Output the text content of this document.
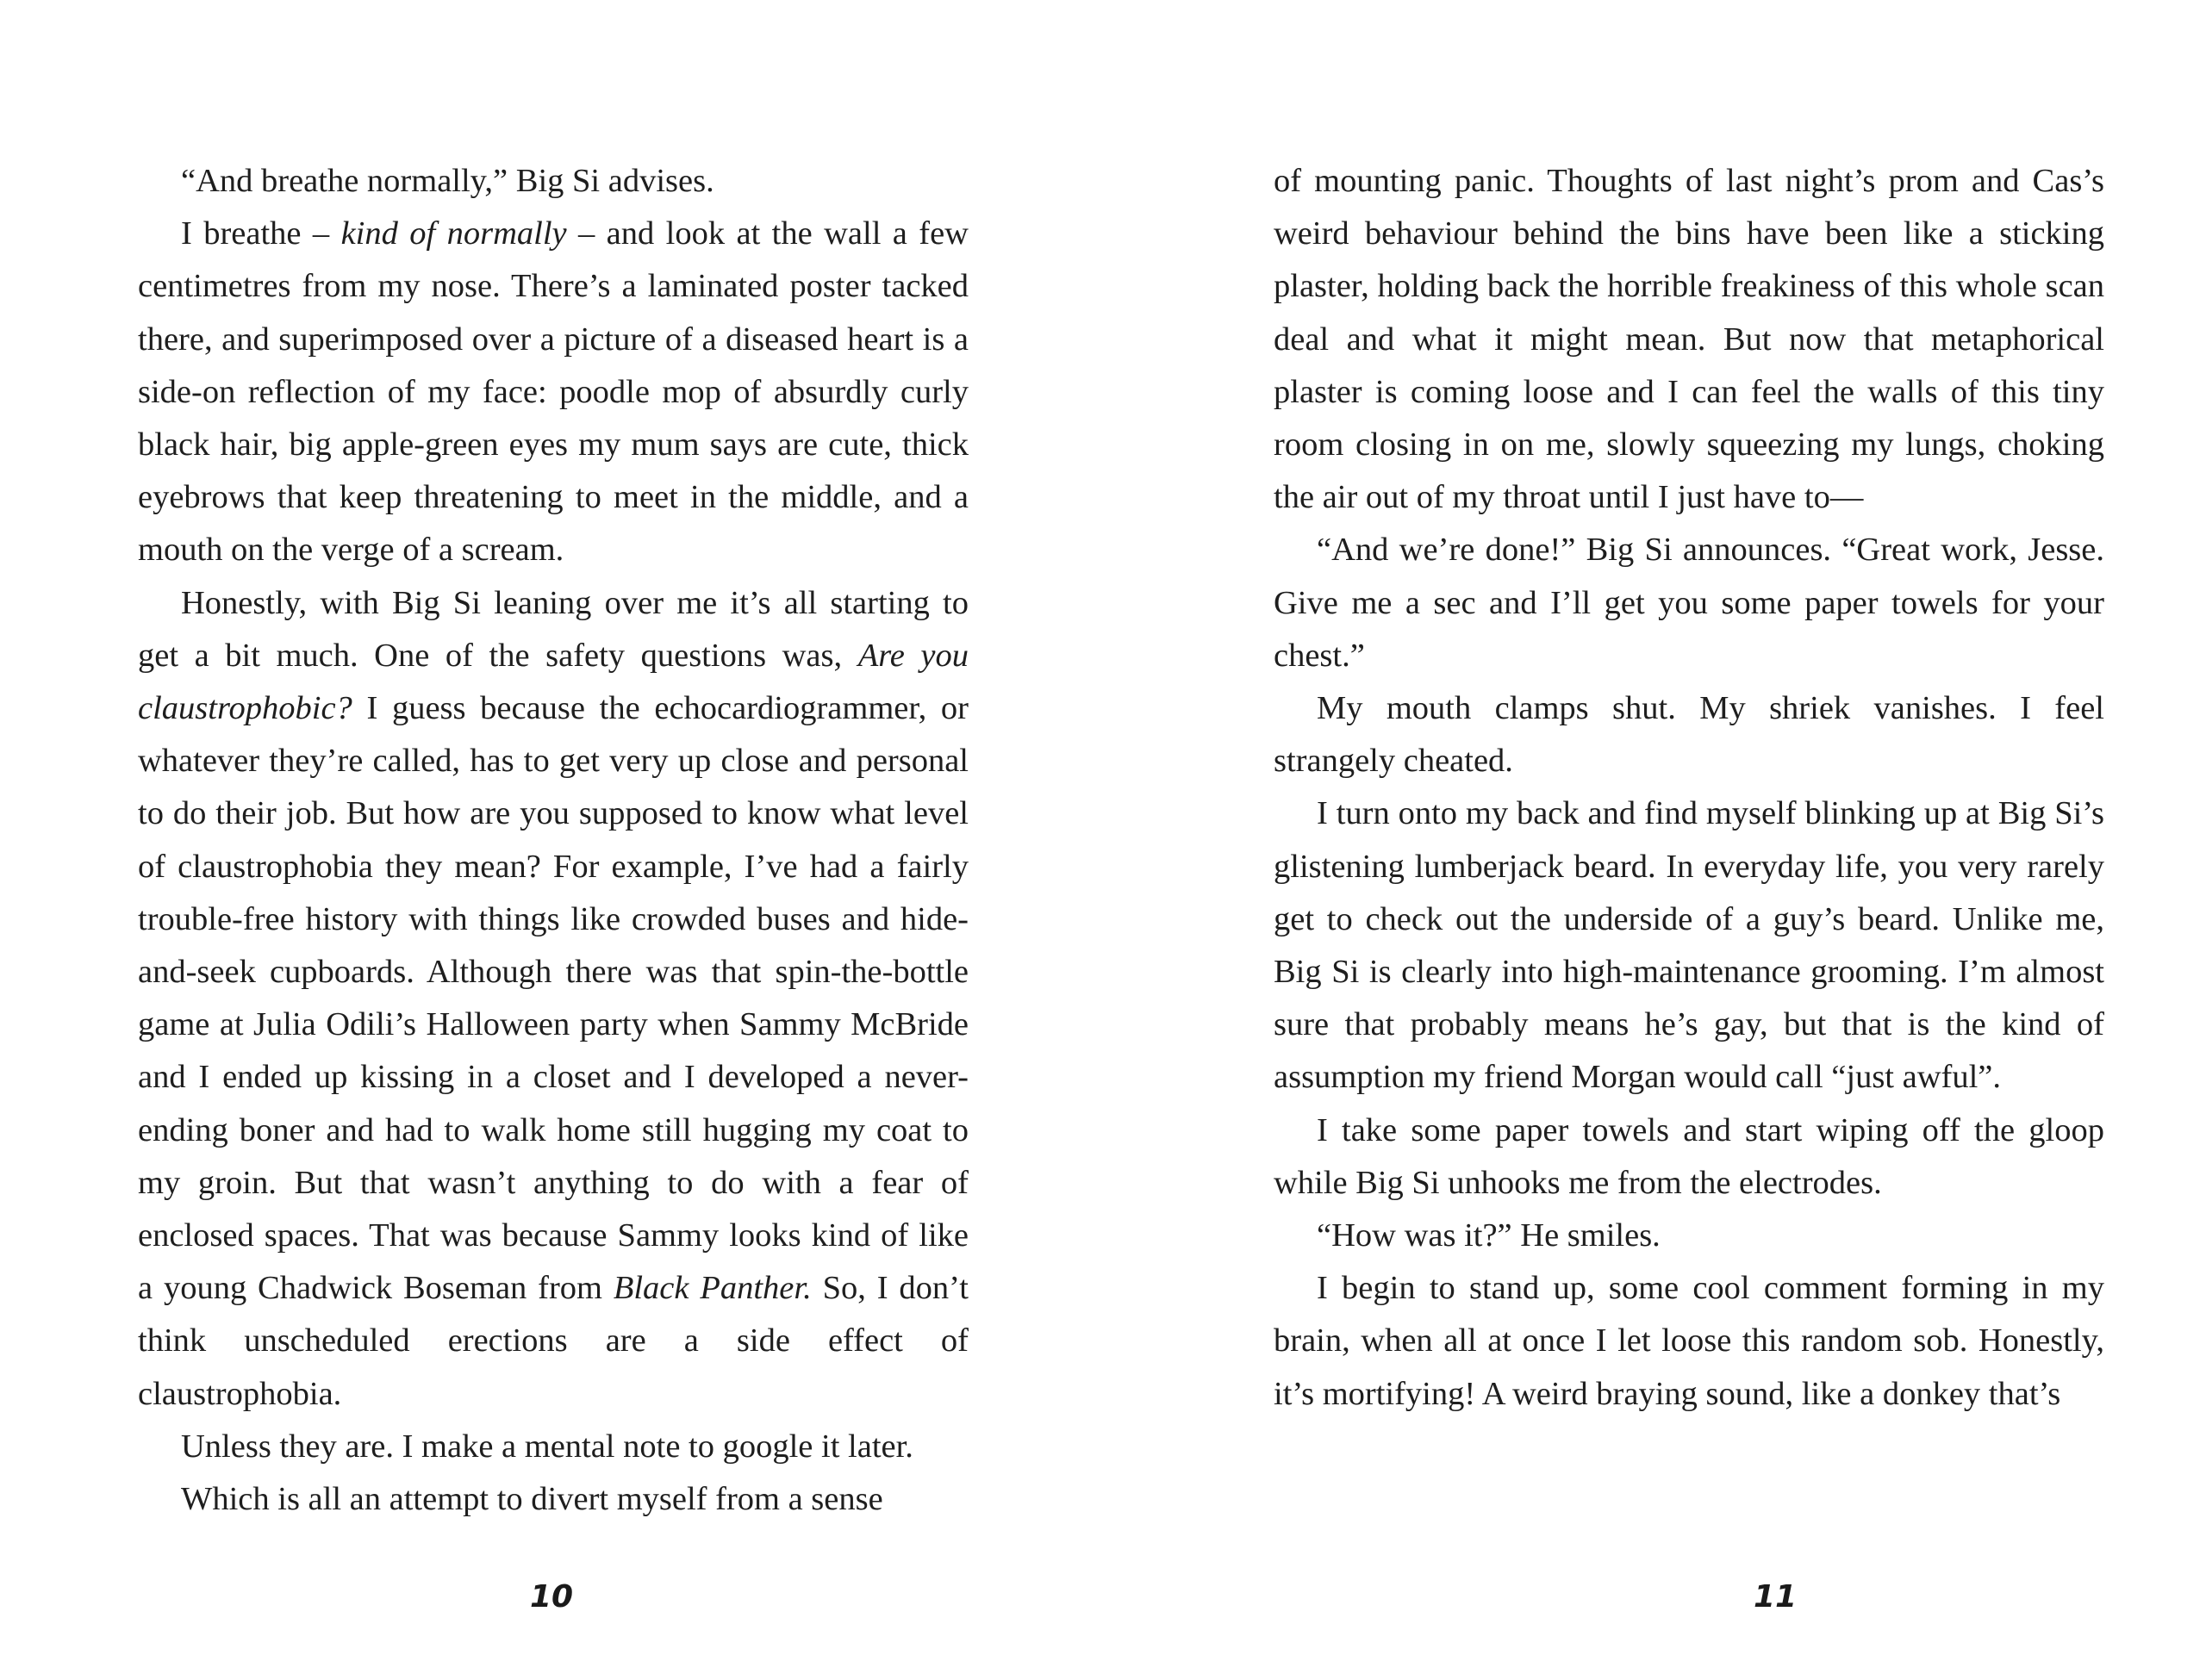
“And breathe normally,” Big Si advises.

I breathe – kind of normally – and look at the wall a few centimetres from my nose. There’s a laminated poster tacked there, and superimposed over a picture of a diseased heart is a side-on reflection of my face: poodle mop of absurdly curly black hair, big apple-green eyes my mum says are cute, thick eyebrows that keep threatening to meet in the middle, and a mouth on the verge of a scream.

Honestly, with Big Si leaning over me it’s all starting to get a bit much. One of the safety questions was, Are you claustrophobic? I guess because the echocardiogrammer, or whatever they’re called, has to get very up close and personal to do their job. But how are you supposed to know what level of claustrophobia they mean? For example, I’ve had a fairly trouble-free history with things like crowded buses and hide-and-seek cupboards. Although there was that spin-the-bottle game at Julia Odili’s Halloween party when Sammy McBride and I ended up kissing in a closet and I developed a never-ending boner and had to walk home still hugging my coat to my groin. But that wasn’t anything to do with a fear of enclosed spaces. That was because Sammy looks kind of like a young Chadwick Boseman from Black Panther. So, I don’t think unscheduled erections are a side effect of claustrophobia.

Unless they are. I make a mental note to google it later.

Which is all an attempt to divert myself from a sense

10

of mounting panic. Thoughts of last night’s prom and Cas’s weird behaviour behind the bins have been like a sticking plaster, holding back the horrible freakiness of this whole scan deal and what it might mean. But now that metaphorical plaster is coming loose and I can feel the walls of this tiny room closing in on me, slowly squeezing my lungs, choking the air out of my throat until I just have to—

“And we’re done!” Big Si announces. “Great work, Jesse. Give me a sec and I’ll get you some paper towels for your chest.”

My mouth clamps shut. My shriek vanishes. I feel strangely cheated.

I turn onto my back and find myself blinking up at Big Si’s glistening lumberjack beard. In everyday life, you very rarely get to check out the underside of a guy’s beard. Unlike me, Big Si is clearly into high-maintenance grooming. I’m almost sure that probably means he’s gay, but that is the kind of assumption my friend Morgan would call “just awful”.

I take some paper towels and start wiping off the gloop while Big Si unhooks me from the electrodes.

“How was it?” He smiles.

I begin to stand up, some cool comment forming in my brain, when all at once I let loose this random sob. Honestly, it’s mortifying! A weird braying sound, like a donkey that’s

11
